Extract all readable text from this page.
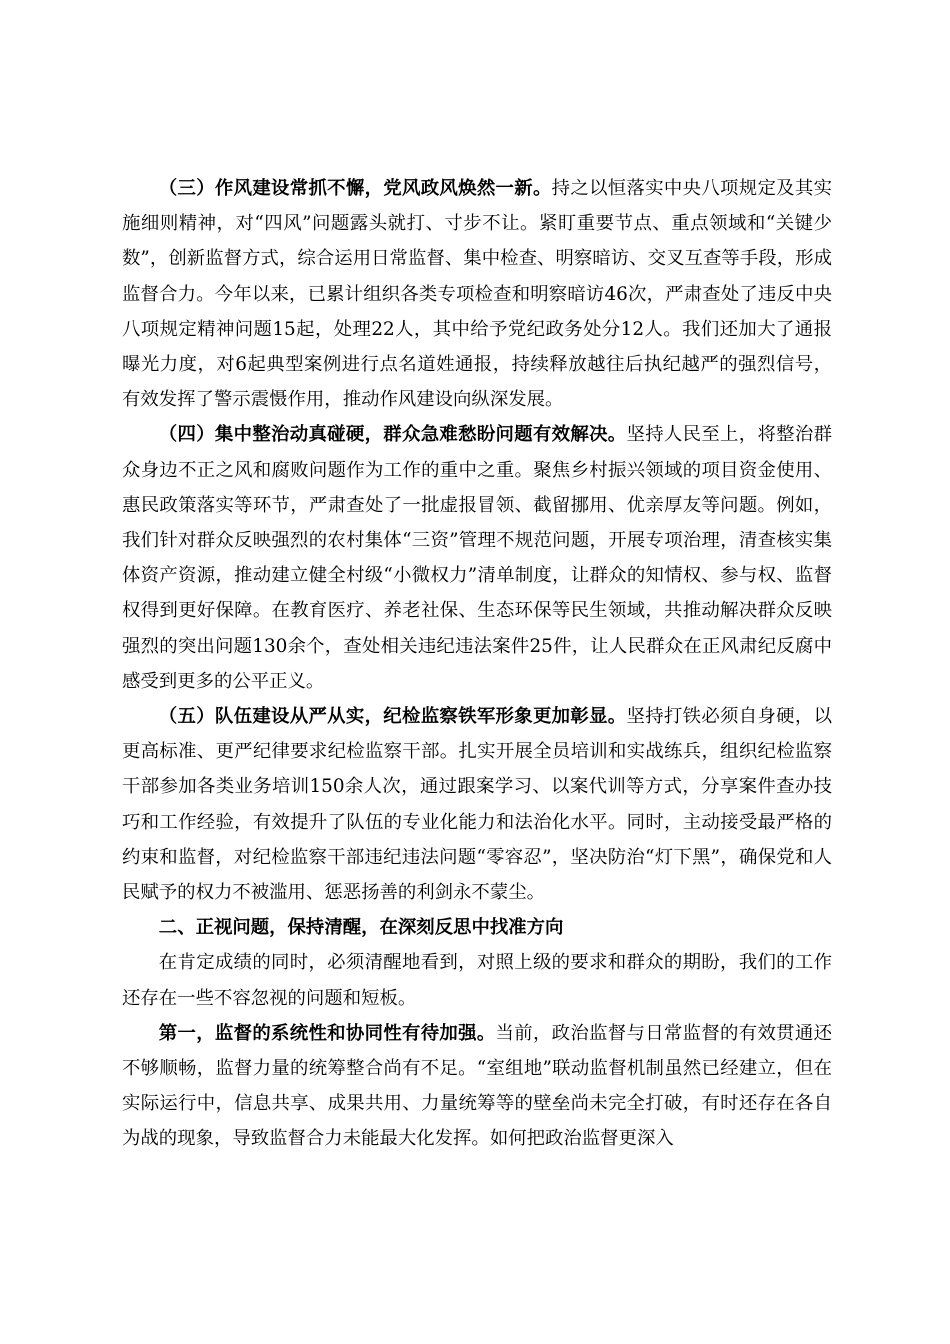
（三）作风建设常抓不懈，党风政风焕然一新。持之以恒落实中央八项规定及其实施细则精神，对“四风”问题露头就打、寸步不让。紧盯重要节点、重点领域和“关键少数”，创新监督方式，综合运用日常监督、集中检查、明察暗访、交叉互查等手段，形成监督合力。今年以来，已累计组织各类专项检查和明察暗访46次，严肃查处了违反中央八项规定精神问题15起，处理22人，其中给予党纪政务处分12人。我们还加大了通报曝光力度，对6起典型案例进行点名道姓通报，持续释放越往后执纪越严的强烈信号，有效发挥了警示震慑作用，推动作风建设向纵深发展。

（四）集中整治动真碰硬，群众急难愁盼问题有效解决。坚持人民至上，将整治群众身边不正之风和腐败问题作为工作的重中之重。聚焦乡村振兴领域的项目资金使用、惠民政策落实等环节，严肃查处了一批虚报冒领、截留挪用、优亲厚友等问题。例如，我们针对群众反映强烈的农村集体“三资”管理不规范问题，开展专项治理，清查核实集体资产资源，推动建立健全村级“小微权力”清单制度，让群众的知情权、参与权、监督权得到更好保障。在教育医疗、养老社保、生态环保等民生领域，共推动解决群众反映强烈的突出问题130余个，查处相关违纪违法案件25件，让人民群众在正风肃纪反腐中感受到更多的公平正义。

（五）队伍建设从严从实，纪检监察铁军形象更加彰显。坚持打铁必须自身硬，以更高标准、更严纪律要求纪检监察干部。扎实开展全员培训和实战练兵，组织纪检监察干部参加各类业务培训150余人次，通过跟案学习、以案代训等方式，分享案件查办技巧和工作经验，有效提升了队伍的专业化能力和法治化水平。同时，主动接受最严格的约束和监督，对纪检监察干部违纪违法问题“零容忍”，坚决防治“灯下黑”，确保党和人民赋予的权力不被滥用、惩恶扬善的利剑永不蒙尘。

二、正视问题，保持清醒，在深刻反思中找准方向

在肯定成绩的同时，必须清醒地看到，对照上级的要求和群众的期盼，我们的工作还存在一些不容忽视的问题和短板。

第一，监督的系统性和协同性有待加强。当前，政治监督与日常监督的有效贯通还不够顺畅，监督力量的统筹整合尚有不足。“室组地”联动监督机制虽然已经建立，但在实际运行中，信息共享、成果共用、力量统筹等的壁垒尚未完全打破，有时还存在各自为战的现象，导致监督合力未能最大化发挥。如何把政治监督更深入
